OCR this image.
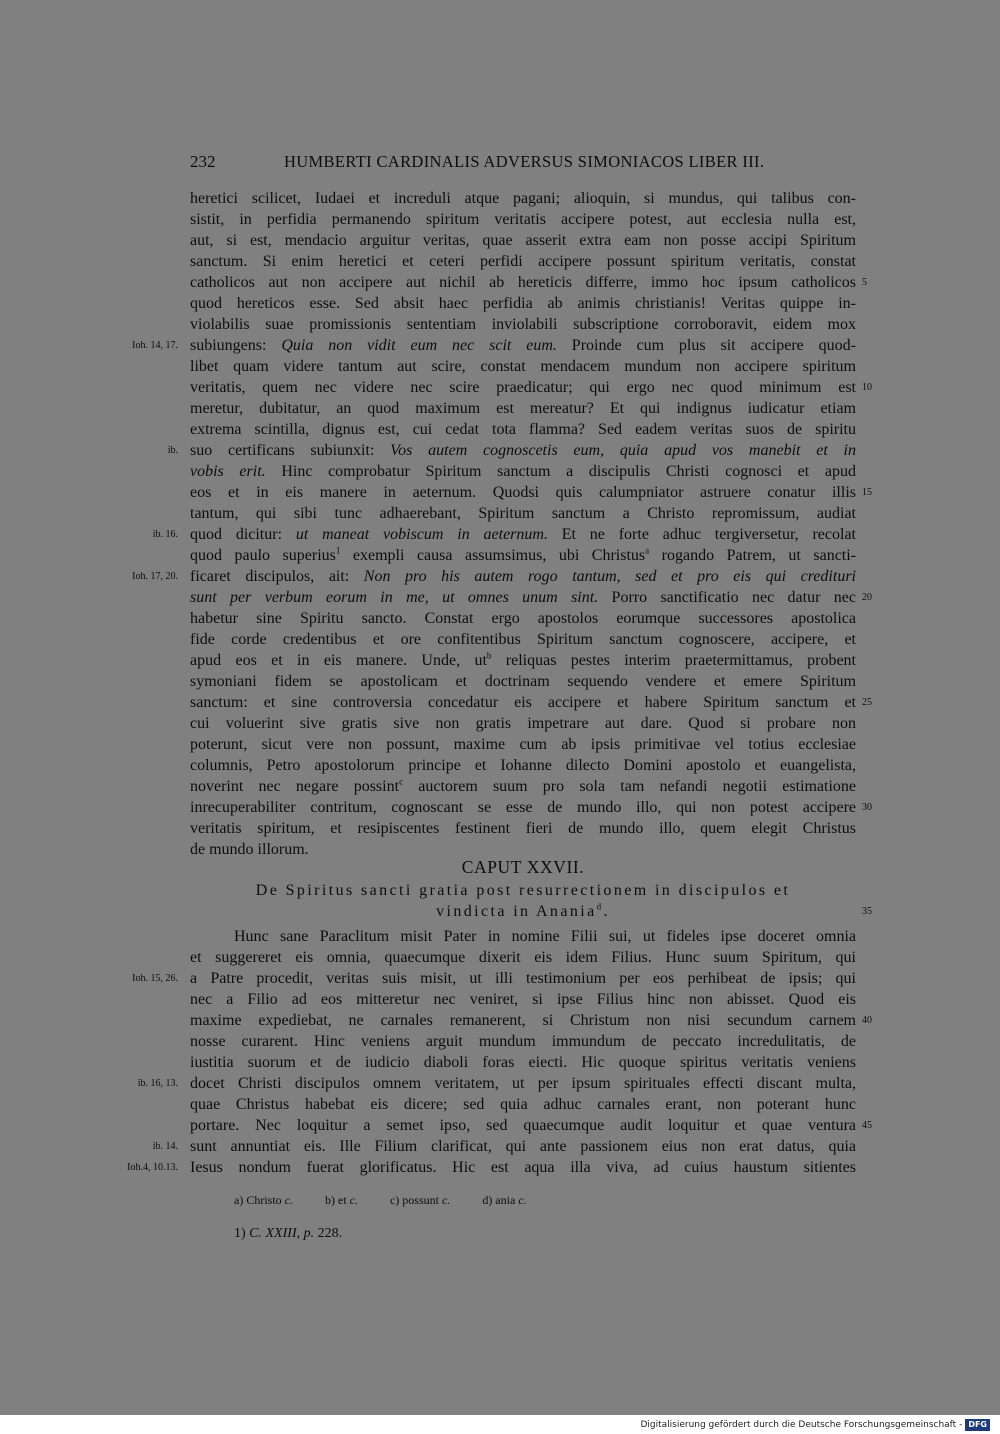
232	HUMBERTI CARDINALIS ADVERSUS SIMONIACOS LIBER III.
heretici scilicet, Iudaei et increduli atque pagani; alioquin, si mundus, qui talibus con-
sistit, in perfidia permanendo spiritum veritatis accipere potest, aut ecclesia nulla est,
aut, si est, mendacio arguitur veritas, quae asserit extra eam non posse accipi Spiritum
sanctum. Si enim heretici et ceteri perfidi accipere possunt spiritum veritatis, constat
catholicos aut non accipere aut nichil ab hereticis differre, immo hoc ipsum catholicos
quod hereticos esse. Sed absit haec perfidia ab animis christianis! Veritas quippe in-
violabilis suae promissionis sententiam inviolabili subscriptione corroboravit, eidem mox
subiungens: Quia non vidit eum nec scit eum. Proinde cum plus sit accipere quod-
libet quam videre tantum aut scire, constat mendacem mundum non accipere spiritum
veritatis, quem nec videre nec scire praedicatur; qui ergo nec quod minimum est
meretur, dubitatur, an quod maximum est mereatur? Et qui indignus iudicatur etiam
extrema scintilla, dignus est, cui cedat tota flamma? Sed eadem veritas suos de spiritu
suo certificans subiunxit: Vos autem cognoscetis eum, quia apud vos manebit et in
vobis erit. Hinc comprobatur Spiritum sanctum a discipulis Christi cognosci et apud
eos et in eis manere in aeternum. Quodsi quis calumpniator astruere conatur illis
tantum, qui sibi tunc adhaerebant, Spiritum sanctum a Christo repromissum, audiat
quod dicitur: ut maneat vobiscum in aeternum. Et ne forte adhuc tergiversetur, recolat
quod paulo superius$^1$ exempli causa assumsimus, ubi Christus$^a$ rogando Patrem, ut sancti-
ficaret discipulos, ait: Non pro his autem rogo tantum, sed et pro eis qui credituri
sunt per verbum eorum in me, ut omnes unum sint. Porro sanctificatio nec datur nec
habetur sine Spiritu sancto. Constat ergo apostolos eorumque successores apostolica
fide corde credentibus et ore confitentibus Spiritum sanctum cognoscere, accipere, et
apud eos et in eis manere. Unde, $ut^b$ reliquas pestes interim praetermittamus, probent
symoniani fidem se apostolicam et doctrinam sequendo vendere et emere Spiritum
sanctum: et sine controversia concedatur eis accipere et habere Spiritum sanctum et
cui voluerint sive gratis sive non gratis impetrare aut dare. Quod si probare non
poterunt, sicut vere non possunt, maxime cum ab ipsis primitivae vel totius ecclesiae
columnis, Petro apostolorum principe et Iohanne dilecto Domini apostolo et euangelista,
noverint nec negare possint$^c$ auctorem suum pro sola tam nefandi negotii estimatione
inrecuperabiliter contritum, cognoscant se esse de mundo illo, qui non potest accipere
veritatis spiritum, et resipiscentes festinent fieri de mundo illo, quem elegit Christus
de mundo illorum.
CAPUT XXVII.
De Spiritus sancti gratia post resurrectionem in discipulos et
vindicta in Anania$^d$.
Hunc sane Paraclitum misit Pater in nomine Filii sui, ut fideles ipse doceret omnia
et suggereret eis omnia, quaecumque dixerit eis idem Filius. Hunc suum Spiritum, qui
a Patre procedit, veritas suis misit, ut illi testimonium per eos perhibeat de ipsis; qui
nec a Filio ad eos mitteretur nec veniret, si ipse Filius hinc non abisset. Quod eis
maxime expediebat, ne carnales remanerent, si Christum non nisi secundum carnem
nosse curarent. Hinc veniens arguit mundum immundum de peccato incredulitatis, de
iustitia suorum et de iudicio diaboli foras eiecti. Hic quoque spiritus veritatis veniens
docet Christi discipulos omnem veritatem, ut per ipsum spirituales effecti discant multa,
quae Christus habebat eis dicere; sed quia adhuc carnales erant, non poterant hunc
portare. Nec loquitur a semet ipso, sed quaecumque audit loquitur et quae ventura
sunt annuntiat eis. Ille Filium clarificat, qui ante passionem eius non erat datus, quia
Iesus nondum fuerat glorificatus. Hic est aqua illa viva, ad cuius haustum sitientes
Ioh. 14, 17.
ib.
ib. 16.
Ioh. 17, 20.
Ioh. 15, 26.
ib. 16, 13.
ib. 14.
Ioh.4, 10.13.
5
10
15
20
25
30
35
40
45
a) Christo c.	b) et c.	c) possunt c.	d) ania c.
1) C. XXIII, p. 228.
Digitalisierung gefördert durch die Deutsche Forschungsgemeinschaft - DFG
